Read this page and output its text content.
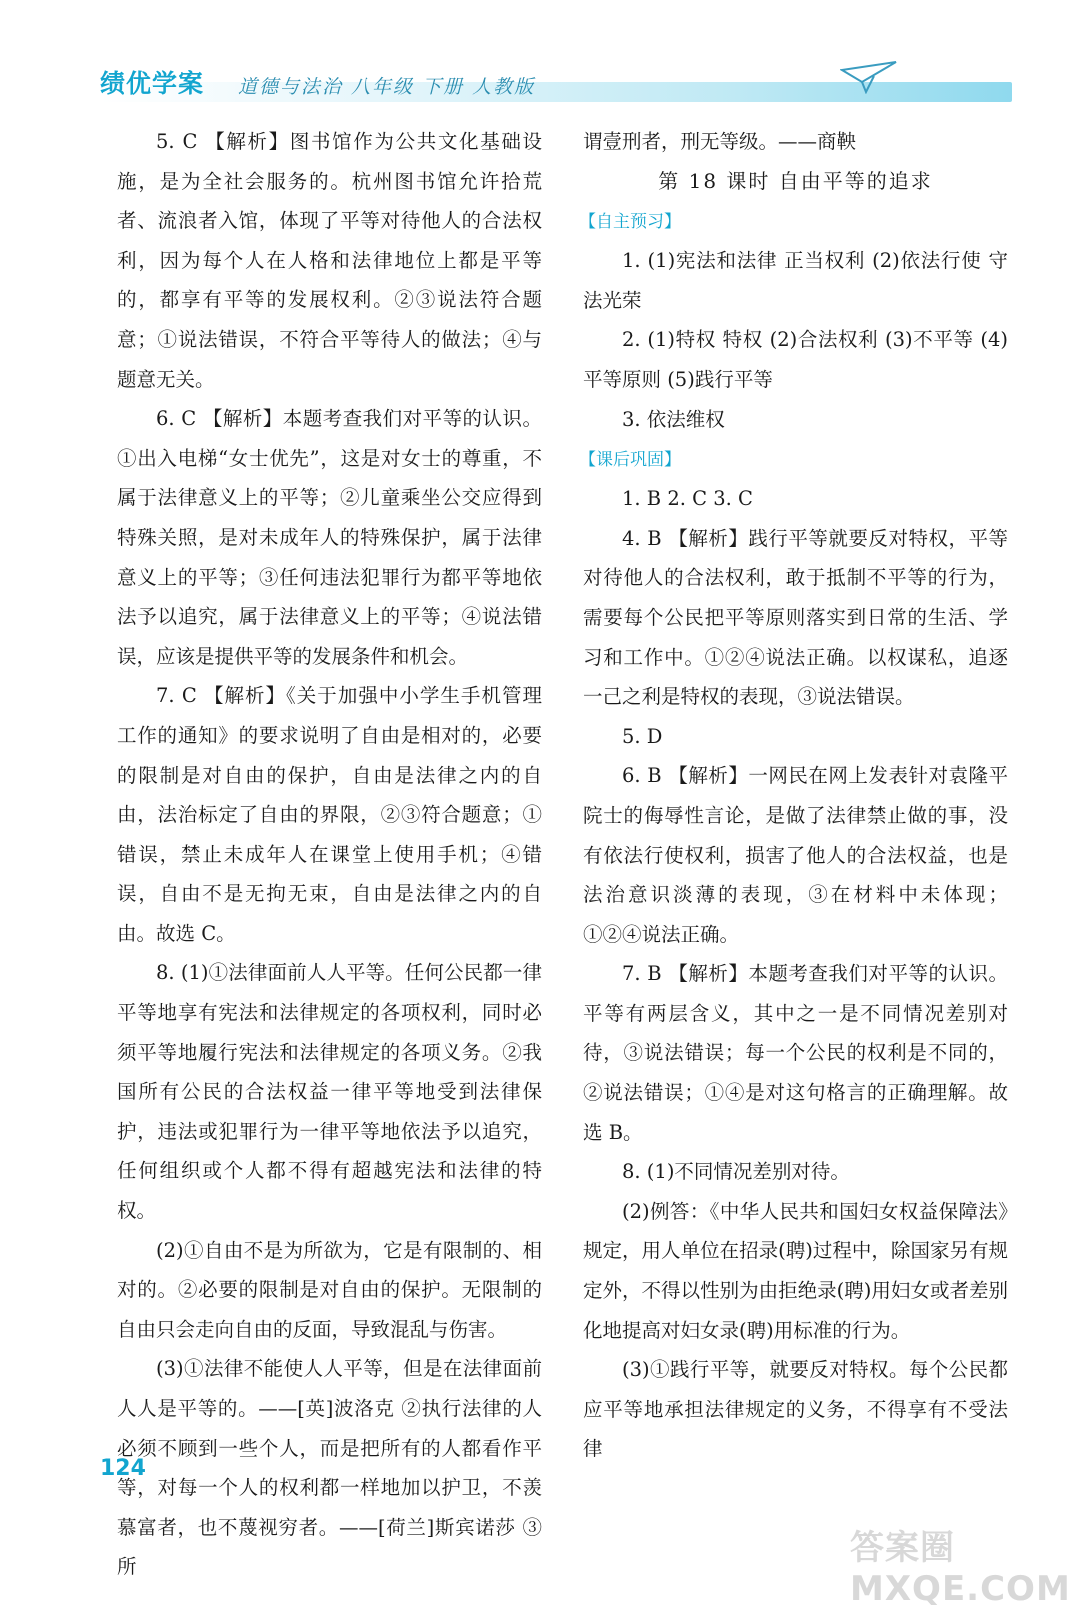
绩优学案 道德与法治 八年级 下册 人教版

5. C 【解析】图书馆作为公共文化基础设施，是为全社会服务的。杭州图书馆允许拾荒者、流浪者入馆，体现了平等对待他人的合法权利，因为每个人在人格和法律地位上都是平等的，都享有平等的发展权利。②③说法符合题意；①说法错误，不符合平等待人的做法；④与题意无关。

6. C 【解析】本题考查我们对平等的认识。①出入电梯“女士优先”，这是对女士的尊重，不属于法律意义上的平等；②儿童乘坐公交应得到特殊关照，是对未成年人的特殊保护，属于法律意义上的平等；③任何违法犯罪行为都平等地依法予以追究，属于法律意义上的平等；④说法错误，应该是提供平等的发展条件和机会。

7. C 【解析】《关于加强中小学生手机管理工作的通知》的要求说明了自由是相对的，必要的限制是对自由的保护，自由是法律之内的自由，法治标定了自由的界限，②③符合题意；①错误，禁止未成年人在课堂上使用手机；④错误，自由不是无拘无束，自由是法律之内的自由。故选 C。

8. (1)①法律面前人人平等。任何公民都一律平等地享有宪法和法律规定的各项权利，同时必须平等地履行宪法和法律规定的各项义务。②我国所有公民的合法权益一律平等地受到法律保护，违法或犯罪行为一律平等地依法予以追究，任何组织或个人都不得有超越宪法和法律的特权。

(2)①自由不是为所欲为，它是有限制的、相对的。②必要的限制是对自由的保护。无限制的自由只会走向自由的反面，导致混乱与伤害。

(3)①法律不能使人人平等，但是在法律面前人人是平等的。——[英]波洛克 ②执行法律的人必须不顾到一些个人，而是把所有的人都看作平等，对每一个人的权利都一样地加以护卫，不羡慕富者，也不蔑视穷者。——[荷兰]斯宾诺莎 ③所

谓壹刑者，刑无等级。——商鞅

第 18 课时 自由平等的追求

【自主预习】

1. (1)宪法和法律 正当权利 (2)依法行使 守法光荣

2. (1)特权 特权 (2)合法权利 (3)不平等 (4)平等原则 (5)践行平等

3. 依法维权

【课后巩固】

1. B 2. C 3. C

4. B 【解析】践行平等就要反对特权，平等对待他人的合法权利，敢于抵制不平等的行为，需要每个公民把平等原则落实到日常的生活、学习和工作中。①②④说法正确。以权谋私，追逐一己之利是特权的表现，③说法错误。

5. D

6. B 【解析】一网民在网上发表针对袁隆平院士的侮辱性言论，是做了法律禁止做的事，没有依法行使权利，损害了他人的合法权益，也是法治意识淡薄的表现，③在材料中未体现；①②④说法正确。

7. B 【解析】本题考查我们对平等的认识。平等有两层含义，其中之一是不同情况差别对待，③说法错误；每一个公民的权利是不同的，②说法错误；①④是对这句格言的正确理解。故选 B。

8. (1)不同情况差别对待。

(2)例答：《中华人民共和国妇女权益保障法》规定，用人单位在招录(聘)过程中，除国家另有规定外，不得以性别为由拒绝录(聘)用妇女或者差别化地提高对妇女录(聘)用标准的行为。

(3)①践行平等，就要反对特权。每个公民都应平等地承担法律规定的义务，不得享有不受法律

124
答案圈 MXQE.COM
